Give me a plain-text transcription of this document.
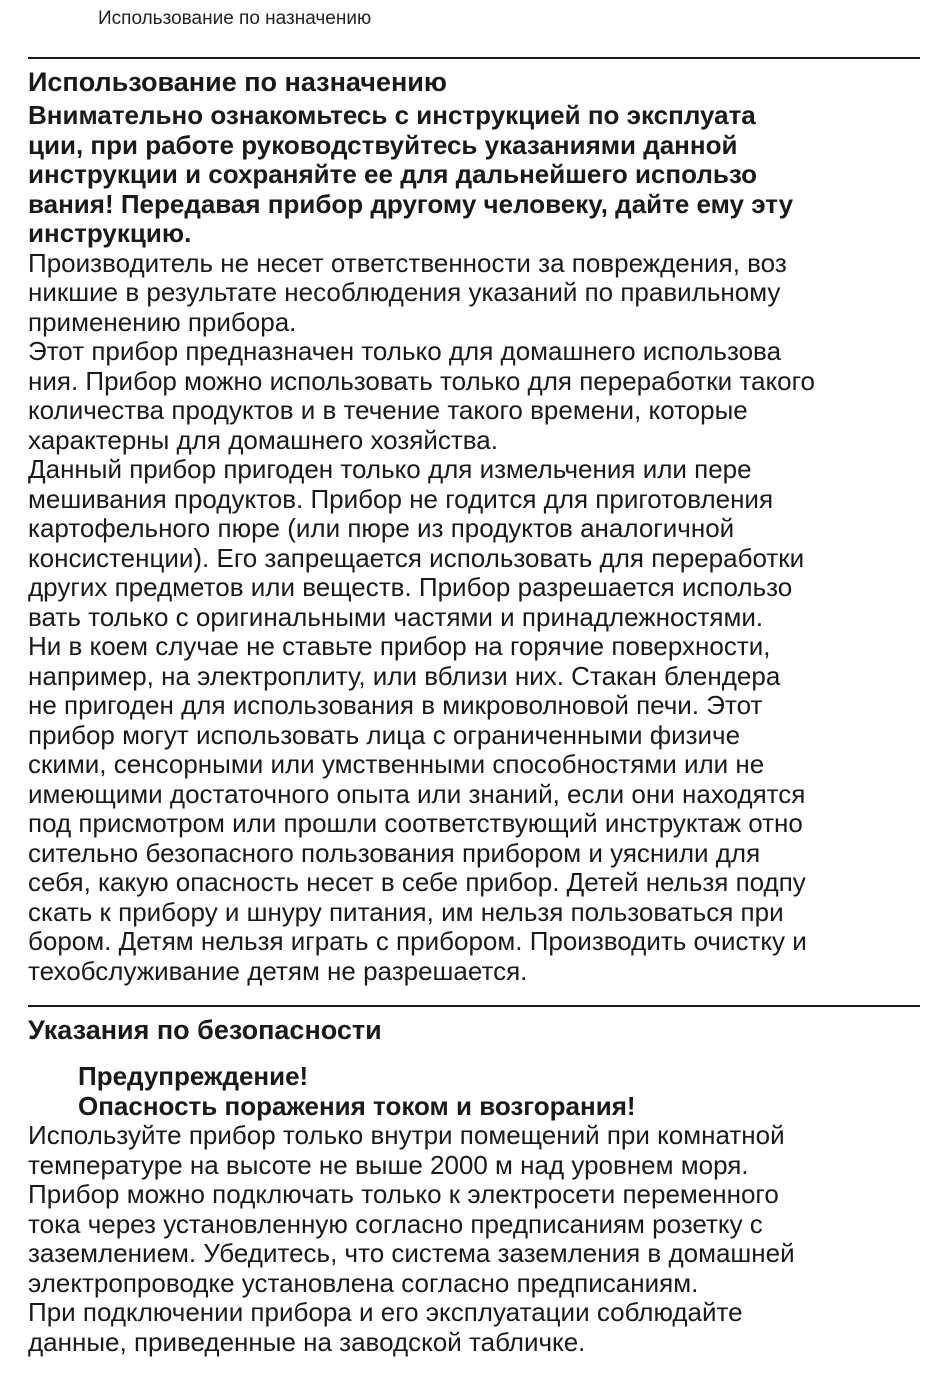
Использование по назначению
Использование по назначению
Внимательно ознакомьтесь с инструкцией по эксплуата
ции, при работе руководствуйтесь указаниями данной
инструкции и сохраняйте ее для дальнейшего использо
вания! Передавая прибор другому человеку, дайте ему эту
инструкцию.
Производитель не несет ответственности за повреждения, воз
никшие в результате несоблюдения указаний по правильному
применению прибора.
Этот прибор предназначен только для домашнего использова
ния. Прибор можно использовать только для переработки такого
количества продуктов и в течение такого времени, которые
характерны для домашнего хозяйства.
Данный прибор пригоден только для измельчения или пере
мешивания продуктов. Прибор не годится для приготовления
картофельного пюре (или пюре из продуктов аналогичной
консистенции). Его запрещается использовать для переработки
других предметов или веществ. Прибор разрешается использо
вать только с оригинальными частями и принадлежностями.
Ни в коем случае не ставьте прибор на горячие поверхности,
например, на электроплиту, или вблизи них. Стакан блендера
не пригоден для использования в микроволновой печи. Этот
прибор могут использовать лица с ограниченными физиче
скими, сенсорными или умственными способностями или не
имеющими достаточного опыта или знаний, если они находятся
под присмотром или прошли соответствующий инструктаж отно
сительно безопасного пользования прибором и уяснили для
себя, какую опасность несет в себе прибор. Детей нельзя подпу
скать к прибору и шнуру питания, им нельзя пользоваться при
бором. Детям нельзя играть с прибором. Производить очистку и
техобслуживание детям не разрешается.
Указания по безопасности
Предупреждение!
Опасность поражения током и возгорания!
Используйте прибор только внутри помещений при комнатной
температуре на высоте не выше 2000 м над уровнем моря.
Прибор можно подключать только к электросети переменного
тока через установленную согласно предписаниям розетку с
заземлением. Убедитесь, что система заземления в домашней
электропроводке установлена согласно предписаниям.
При подключении прибора и его эксплуатации соблюдайте
данные, приведенные на заводской табличке.
